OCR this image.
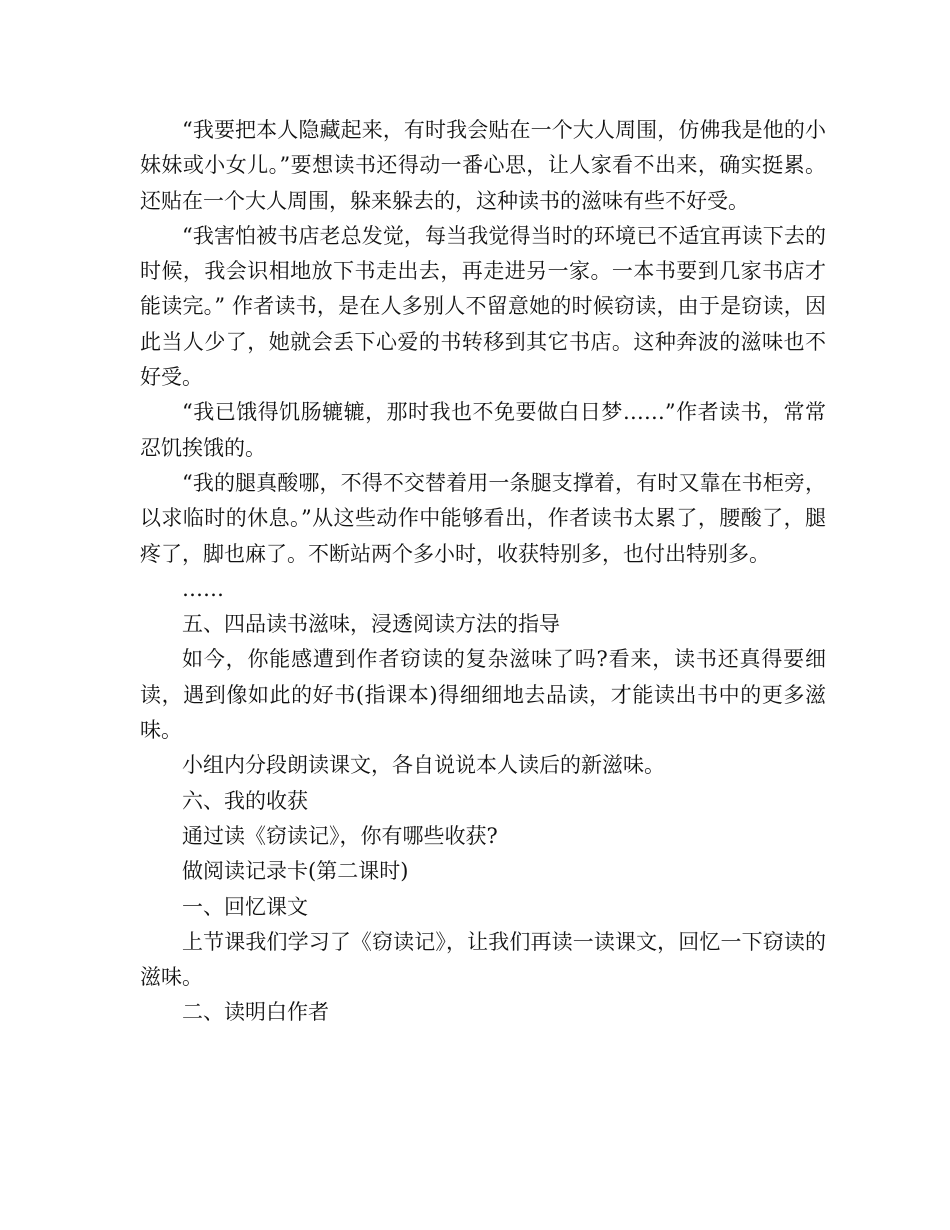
“我要把本人隐藏起来，有时我会贴在一个大人周围，仿佛我是他的小妹妹或小女儿。”要想读书还得动一番心思，让人家看不出来，确实挺累。还贴在一个大人周围，躲来躲去的，这种读书的滋味有些不好受。

“我害怕被书店老总发觉，每当我觉得当时的环境已不适宜再读下去的时候，我会识相地放下书走出去，再走进另一家。一本书要到几家书店才能读完。” 作者读书，是在人多别人不留意她的时候窃读，由于是窃读，因此当人少了，她就会丢下心爱的书转移到其它书店。这种奔波的滋味也不好受。

“我已饿得饥肠辘辘，那时我也不免要做白日梦……”作者读书，常常忍饥挨饿的。

“我的腿真酸哪，不得不交替着用一条腿支撑着，有时又靠在书柜旁，以求临时的休息。”从这些动作中能够看出，作者读书太累了，腰酸了，腿疼了，脚也麻了。不断站两个多小时，收获特别多，也付出特别多。

……

五、四品读书滋味，浸透阅读方法的指导

如今，你能感遭到作者窃读的复杂滋味了吗?看来，读书还真得要细读，遇到像如此的好书(指课本)得细细地去品读，才能读出书中的更多滋味。

小组内分段朗读课文，各自说说本人读后的新滋味。

六、我的收获

通过读《窃读记》，你有哪些收获?

做阅读记录卡(第二课时)

一、回忆课文

上节课我们学习了《窃读记》，让我们再读一读课文，回忆一下窃读的滋味。

二、读明白作者
